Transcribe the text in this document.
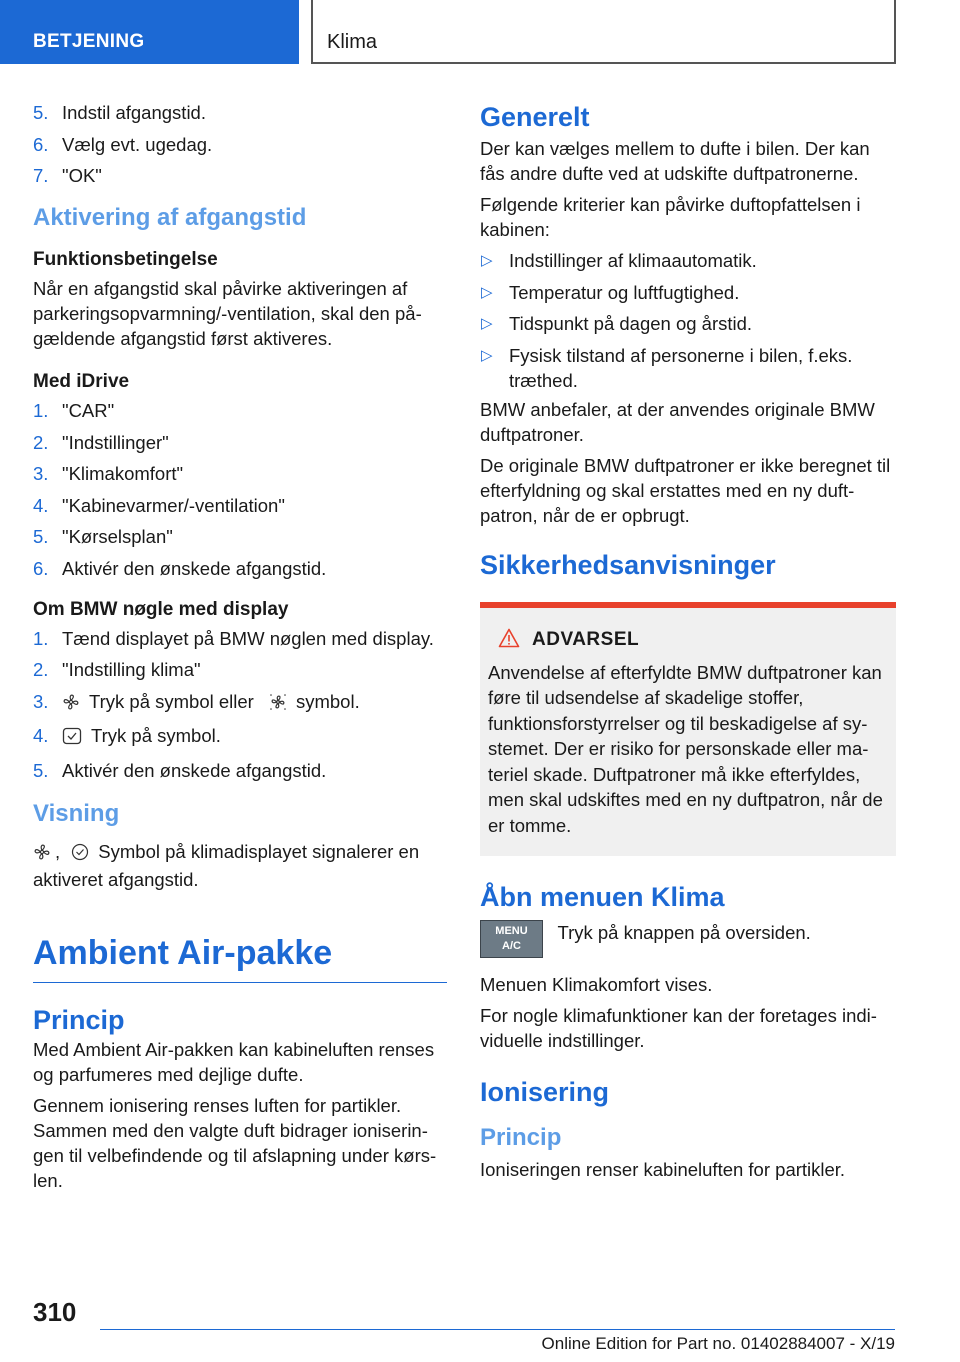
BETJENING	Klima
5. Indstil afgangstid.
6. Vælg evt. ugedag.
7. "OK"
Aktivering af afgangstid
Funktionsbetingelse

Når en afgangstid skal påvirke aktiveringen af parkeringsopvarmning/-ventilation, skal den pågældende afgangstid først aktiveres.

Med iDrive
1. "CAR"
2. "Indstillinger"
3. "Klimakomfort"
4. "Kabinevarmer/-ventilation"
5. "Kørselsplan"
6. Aktivér den ønskede afgangstid.
Om BMW nøgle med display
1. Tænd displayet på BMW nøglen med display.
2. "Indstilling klima"
3. Tryk på symbol eller symbol.
4. Tryk på symbol.
5. Aktivér den ønskede afgangstid.
Visning

, Symbol på klimadisplayet signalerer en aktiveret afgangstid.

Ambient Air-pakke
Princip

Med Ambient Air-pakken kan kabineluften renses og parfumeres med dejlige dufte.

Gennem ionisering renses luften for partikler. Sammen med den valgte duft bidrager ioniseringen til velbefindende og til afslapning under kørslen.

Generelt

Der kan vælges mellem to dufte i bilen. Der kan fås andre dufte ved at udskifte duftpatronerne.

Følgende kriterier kan påvirke duftopfattelsen i kabinen:

▷ Indstillinger af klimaautomatik.
▷ Temperatur og luftfugtighed.
▷ Tidspunkt på dagen og årstid.
▷ Fysisk tilstand af personerne i bilen, f.eks. træthed.

BMW anbefaler, at der anvendes originale BMW duftpatroner.

De originale BMW duftpatroner er ikke beregnet til efterfyldning og skal erstattes med en ny duftpatron, når de er opbrugt.

Sikkerhedsanvisninger
ADVARSEL

Anvendelse af efterfyldte BMW duftpatroner kan føre til udsendelse af skadelige stoffer, funktionsforstyrrelser og til beskadigelse af systemet. Der er risiko for personskade eller materiel skade. Duftpatroner må ikke efterfyldes, men skal udskiftes med en ny duftpatron, når de er tomme.

Åbn menuen Klima
MENU
A/C Tryk på knappen på oversiden.

Menuen Klimakomfort vises.

For nogle klimafunktioner kan der foretages individuelle indstillinger.

Ionisering
Princip

Ioniseringen renser kabineluften for partikler.

310
Online Edition for Part no. 01402884007 - X/19
